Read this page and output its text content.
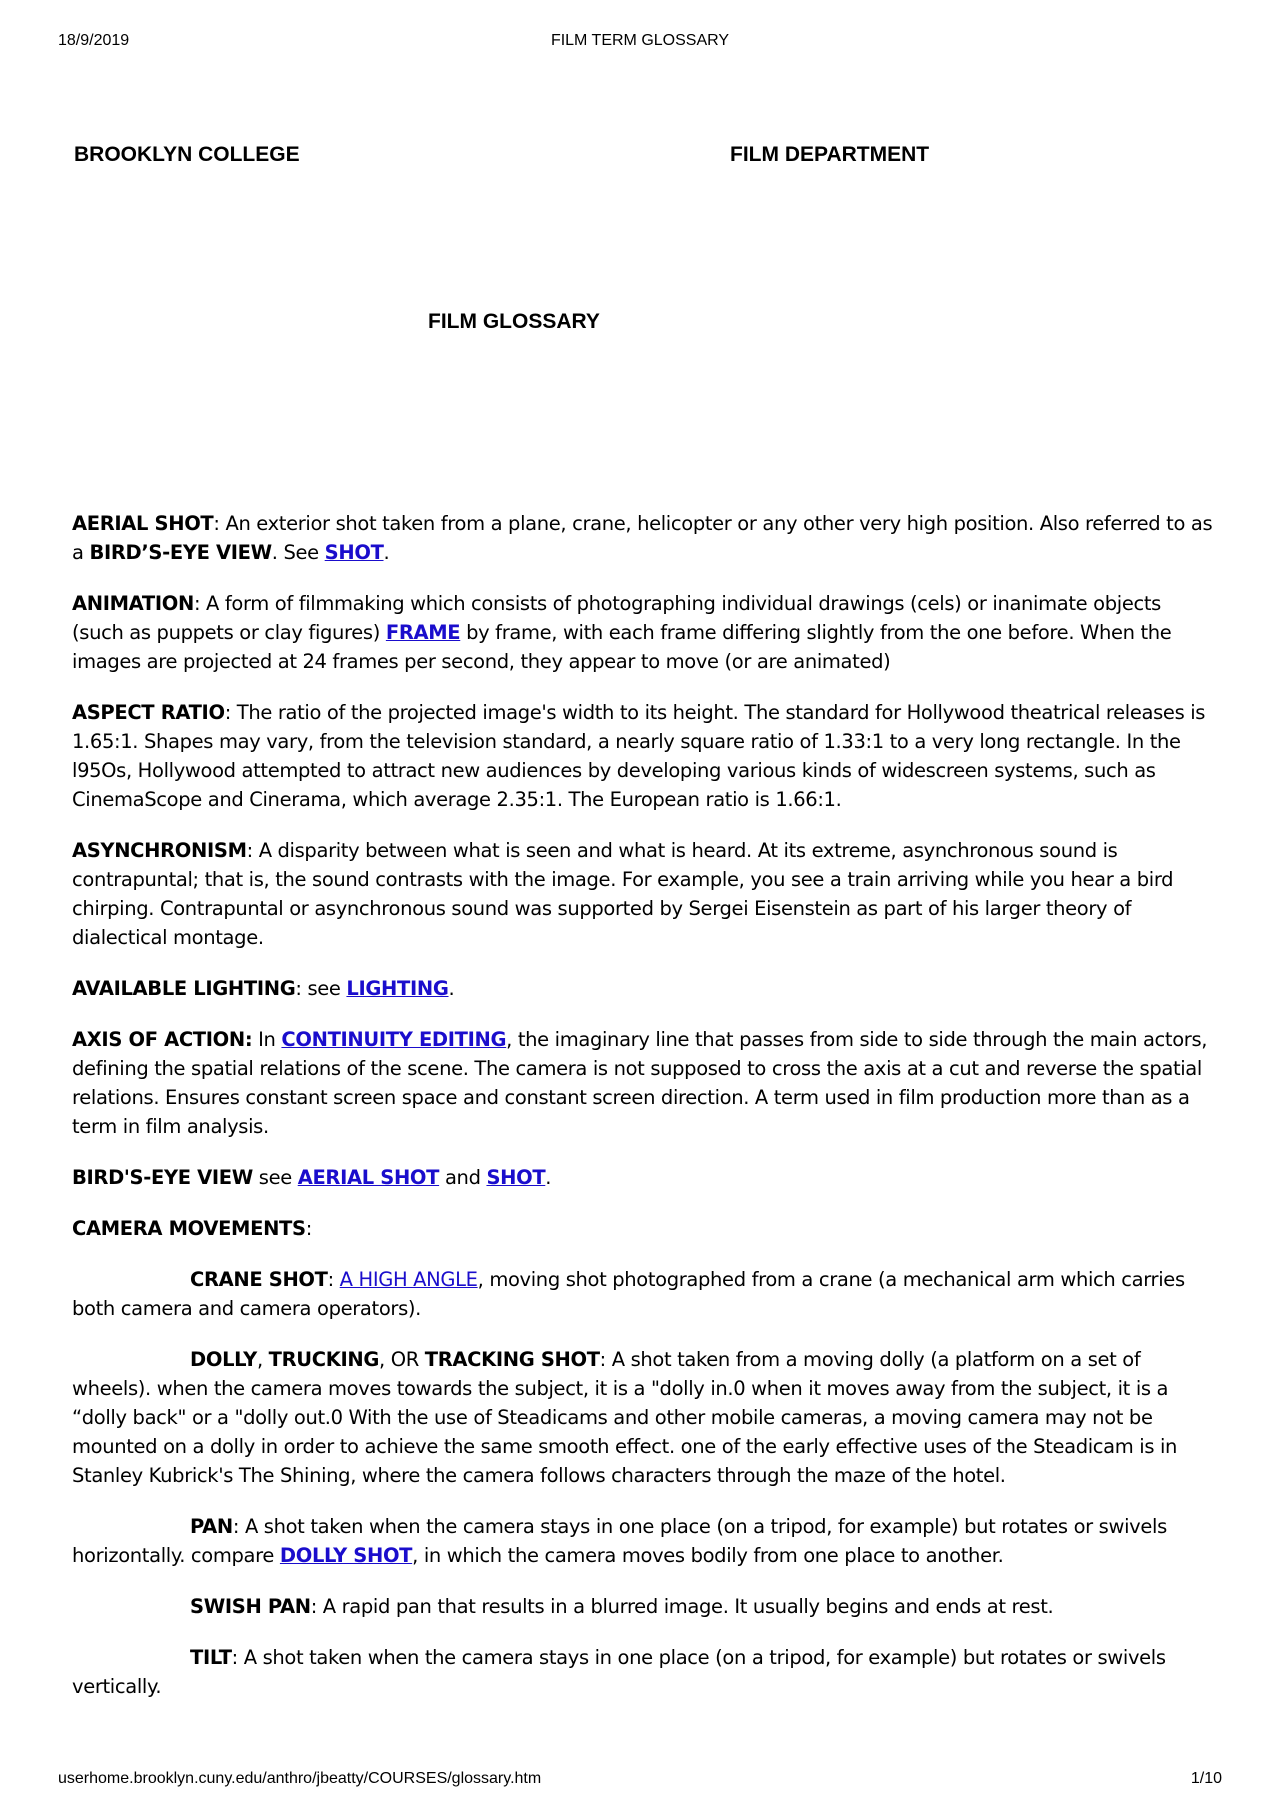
18/9/2019	FILM TERM GLOSSARY
BROOKLYN COLLEGE	FILM DEPARTMENT
FILM GLOSSARY

AERIAL SHOT: An exterior shot taken from a plane, crane, helicopter or any other very high position. Also referred to as a BIRD’S-EYE VIEW. See SHOT.

ANIMATION: A form of filmmaking which consists of photographing individual drawings (cels) or inanimate objects (such as puppets or clay figures) FRAME by frame, with each frame differing slightly from the one before. When the images are projected at 24 frames per second, they appear to move (or are animated)

ASPECT RATIO: The ratio of the projected image's width to its height. The standard for Hollywood theatrical releases is 1.65:1. Shapes may vary, from the television standard, a nearly square ratio of 1.33:1 to a very long rectangle. In the l95Os, Hollywood attempted to attract new audiences by developing various kinds of widescreen systems, such as CinemaScope and Cinerama, which average 2.35:1. The European ratio is 1.66:1.

ASYNCHRONISM: A disparity between what is seen and what is heard. At its extreme, asynchronous sound is contrapuntal; that is, the sound contrasts with the image. For example, you see a train arriving while you hear a bird chirping. Contrapuntal or asynchronous sound was supported by Sergei Eisenstein as part of his larger theory of dialectical montage.

AVAILABLE LIGHTING: see LIGHTING.

AXIS OF ACTION: In CONTINUITY EDITING, the imaginary line that passes from side to side through the main actors, defining the spatial relations of the scene. The camera is not supposed to cross the axis at a cut and reverse the spatial relations. Ensures constant screen space and constant screen direction. A term used in film production more than as a term in film analysis.

BIRD'S-EYE VIEW see AERIAL SHOT and SHOT.

CAMERA MOVEMENTS:

CRANE SHOT: A HIGH ANGLE, moving shot photographed from a crane (a mechanical arm which carries both camera and camera operators).

DOLLY, TRUCKING, OR TRACKING SHOT: A shot taken from a moving dolly (a platform on a set of wheels). when the camera moves towards the subject, it is a "dolly in.0 when it moves away from the subject, it is a “dolly back" or a "dolly out.0 With the use of Steadicams and other mobile cameras, a moving camera may not be mounted on a dolly in order to achieve the same smooth effect. one of the early effective uses of the Steadicam is in Stanley Kubrick's The Shining, where the camera follows characters through the maze of the hotel.

PAN: A shot taken when the camera stays in one place (on a tripod, for example) but rotates or swivels horizontally. compare DOLLY SHOT, in which the camera moves bodily from one place to another.

SWISH PAN: A rapid pan that results in a blurred image. It usually begins and ends at rest.

TILT: A shot taken when the camera stays in one place (on a tripod, for example) but rotates or swivels vertically.

userhome.brooklyn.cuny.edu/anthro/jbeatty/COURSES/glossary.htm	1/10
